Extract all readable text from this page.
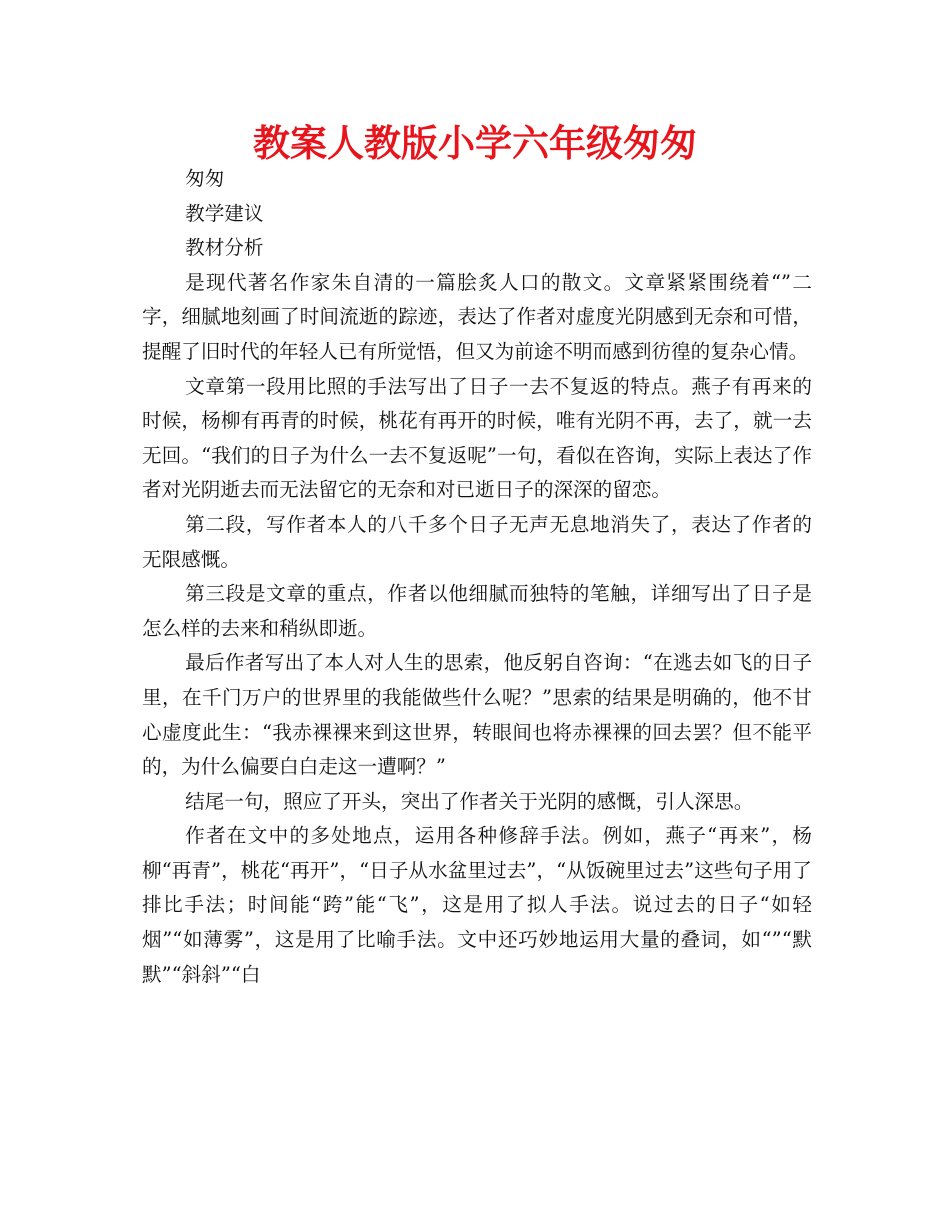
教案人教版小学六年级匆匆

匆匆

教学建议

教材分析

是现代著名作家朱自清的一篇脍炙人口的散文。文章紧紧围绕着“”二字，细腻地刻画了时间流逝的踪迹，表达了作者对虚度光阴感到无奈和可惜，提醒了旧时代的年轻人已有所觉悟，但又为前途不明而感到彷徨的复杂心情。

文章第一段用比照的手法写出了日子一去不复返的特点。燕子有再来的时候，杨柳有再青的时候，桃花有再开的时候，唯有光阴不再，去了，就一去无回。“我们的日子为什么一去不复返呢”一句，看似在咨询，实际上表达了作者对光阴逝去而无法留它的无奈和对已逝日子的深深的留恋。

第二段，写作者本人的八千多个日子无声无息地消失了，表达了作者的无限感慨。

第三段是文章的重点，作者以他细腻而独特的笔触，详细写出了日子是怎么样的去来和稍纵即逝。

最后作者写出了本人对人生的思索，他反躬自咨询：“在逃去如飞的日子里，在千门万户的世界里的我能做些什么呢？”思索的结果是明确的，他不甘心虚度此生：“我赤裸裸来到这世界，转眼间也将赤裸裸的回去罢？但不能平的，为什么偏要白白走这一遭啊？”

结尾一句，照应了开头，突出了作者关于光阴的感慨，引人深思。

作者在文中的多处地点，运用各种修辞手法。例如，燕子“再来”，杨柳“再青”，桃花“再开”，“日子从水盆里过去”，“从饭碗里过去”这些句子用了排比手法；时间能“跨”能“飞”，这是用了拟人手法。说过去的日子“如轻烟”“如薄雾”，这是用了比喻手法。文中还巧妙地运用大量的叠词，如“”“默默”“斜斜”“白
